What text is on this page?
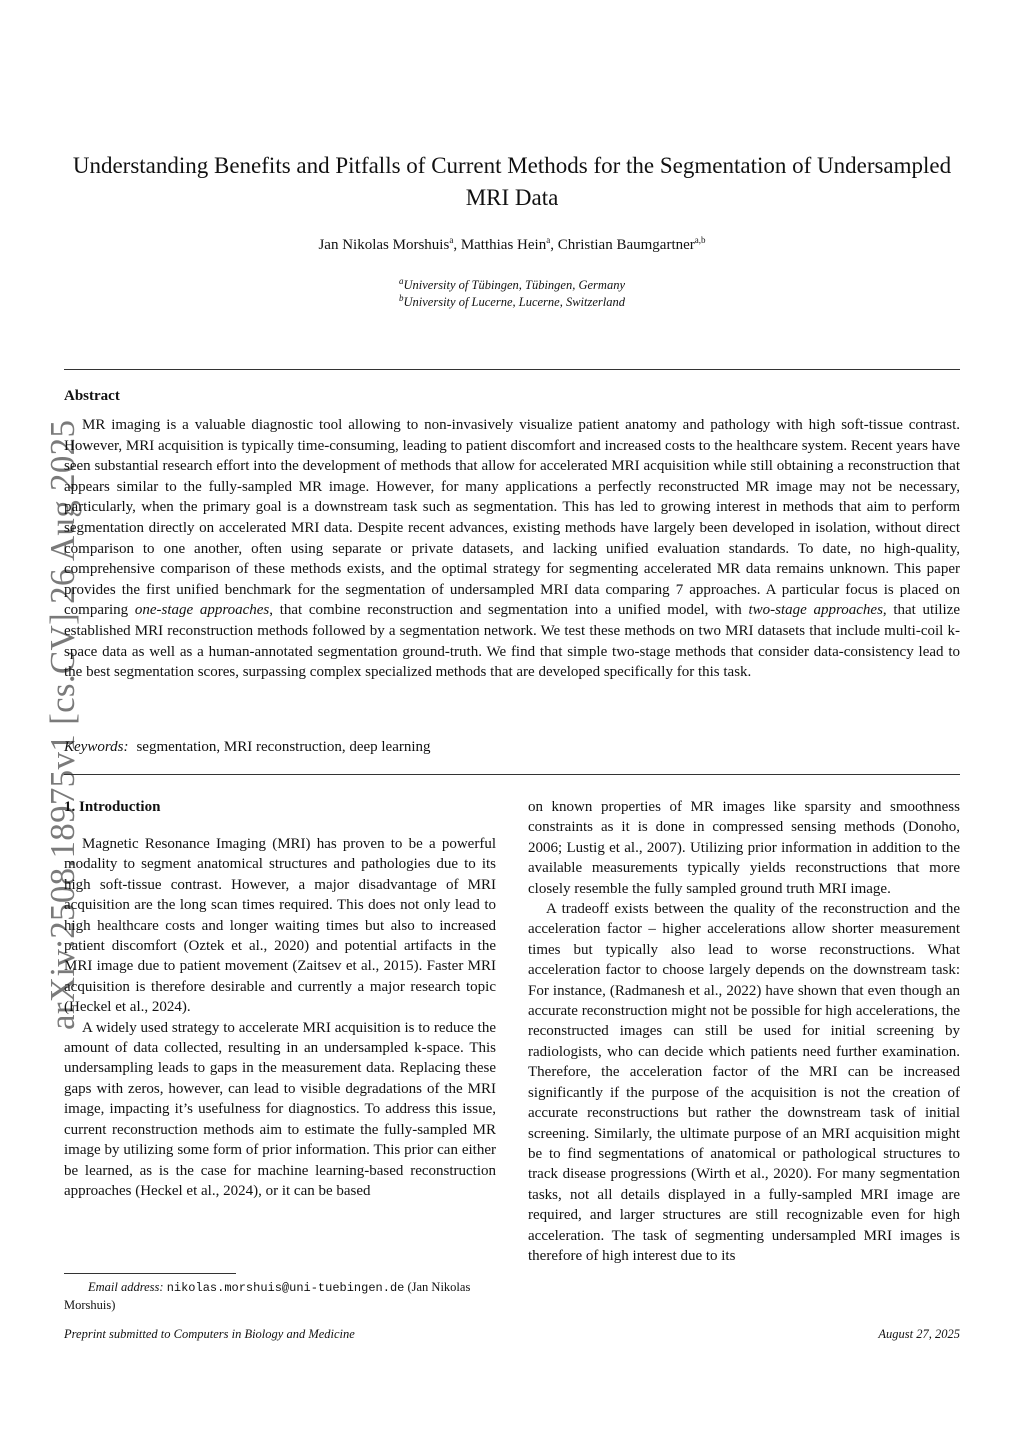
arXiv:2508.18975v1 [cs.CV] 26 Aug 2025
Understanding Benefits and Pitfalls of Current Methods for the Segmentation of Undersampled MRI Data
Jan Nikolas Morshuis$^a$, Matthias Hein$^a$, Christian Baumgartner$^{a,b}$
$^a$University of Tübingen, Tübingen, Germany
$^b$University of Lucerne, Lucerne, Switzerland
Abstract
MR imaging is a valuable diagnostic tool allowing to non-invasively visualize patient anatomy and pathology with high soft-tissue contrast. However, MRI acquisition is typically time-consuming, leading to patient discomfort and increased costs to the healthcare system. Recent years have seen substantial research effort into the development of methods that allow for accelerated MRI acquisition while still obtaining a reconstruction that appears similar to the fully-sampled MR image. However, for many applications a perfectly reconstructed MR image may not be necessary, particularly, when the primary goal is a downstream task such as segmentation. This has led to growing interest in methods that aim to perform segmentation directly on accelerated MRI data. Despite recent advances, existing methods have largely been developed in isolation, without direct comparison to one another, often using separate or private datasets, and lacking unified evaluation standards. To date, no high-quality, comprehensive comparison of these methods exists, and the optimal strategy for segmenting accelerated MR data remains unknown. This paper provides the first unified benchmark for the segmentation of undersampled MRI data comparing 7 approaches. A particular focus is placed on comparing one-stage approaches, that combine reconstruction and segmentation into a unified model, with two-stage approaches, that utilize established MRI reconstruction methods followed by a segmentation network. We test these methods on two MRI datasets that include multi-coil k-space data as well as a human-annotated segmentation ground-truth. We find that simple two-stage methods that consider data-consistency lead to the best segmentation scores, surpassing complex specialized methods that are developed specifically for this task.
Keywords: segmentation, MRI reconstruction, deep learning
1. Introduction

Magnetic Resonance Imaging (MRI) has proven to be a powerful modality to segment anatomical structures and pathologies due to its high soft-tissue contrast. However, a major disadvantage of MRI acquisition are the long scan times required. This does not only lead to high healthcare costs and longer waiting times but also to increased patient discomfort (Oztek et al., 2020) and potential artifacts in the MRI image due to patient movement (Zaitsev et al., 2015). Faster MRI acquisition is therefore desirable and currently a major research topic (Heckel et al., 2024).

A widely used strategy to accelerate MRI acquisition is to reduce the amount of data collected, resulting in an undersampled k-space. This undersampling leads to gaps in the measurement data. Replacing these gaps with zeros, however, can lead to visible degradations of the MRI image, impacting it’s usefulness for diagnostics. To address this issue, current reconstruction methods aim to estimate the fully-sampled MR image by utilizing some form of prior information. This prior can either be learned, as is the case for machine learning-based reconstruction approaches (Heckel et al., 2024), or it can be based

on known properties of MR images like sparsity and smoothness constraints as it is done in compressed sensing methods (Donoho, 2006; Lustig et al., 2007). Utilizing prior information in addition to the available measurements typically yields reconstructions that more closely resemble the fully sampled ground truth MRI image.

A tradeoff exists between the quality of the reconstruction and the acceleration factor – higher accelerations allow shorter measurement times but typically also lead to worse reconstructions. What acceleration factor to choose largely depends on the downstream task: For instance, (Radmanesh et al., 2022) have shown that even though an accurate reconstruction might not be possible for high accelerations, the reconstructed images can still be used for initial screening by radiologists, who can decide which patients need further examination. Therefore, the acceleration factor of the MRI can be increased significantly if the purpose of the acquisition is not the creation of accurate reconstructions but rather the downstream task of initial screening. Similarly, the ultimate purpose of an MRI acquisition might be to find segmentations of anatomical or pathological structures to track disease progressions (Wirth et al., 2020). For many segmentation tasks, not all details displayed in a fully-sampled MRI image are required, and larger structures are still recognizable even for high acceleration. The task of segmenting undersampled MRI images is therefore of high interest due to its

Email address: nikolas.morshuis@uni-tuebingen.de (Jan Nikolas Morshuis)
Preprint submitted to Computers in Biology and Medicine	August 27, 2025
